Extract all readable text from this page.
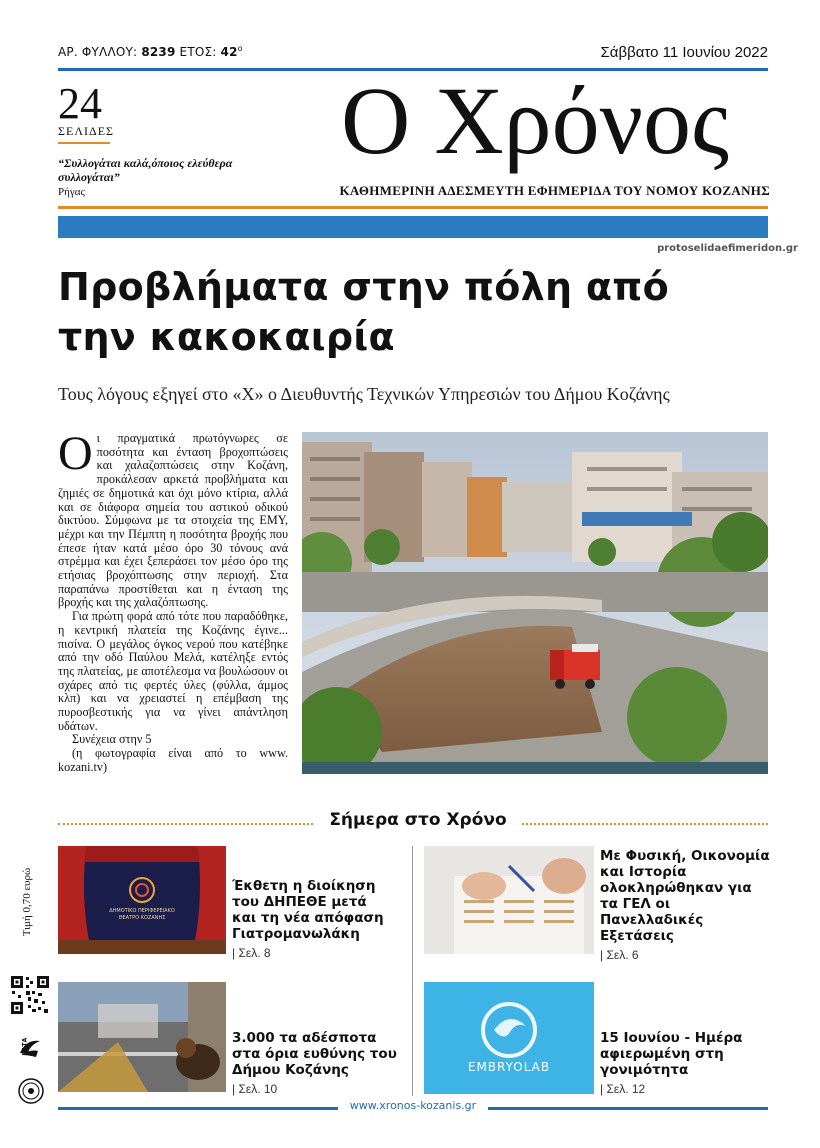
ΑΡ. ΦΥΛΛΟΥ: 8239 ΕΤΟΣ: $42^o$	Σάββατο 11 Ιουνίου 2022
24
ΣΕΛΙΔΕΣ
“Συλλογάται καλά,όποιος ελεύθερα συλλογάται”
Ρήγας
Ο Χρόνος
ΚΑΘΗΜΕΡΙΝΗ ΑΔΕΣΜΕΥΤΗ ΕΦΗΜΕΡΙΔΑ ΤΟΥ ΝΟΜΟΥ ΚΟΖΑΝΗΣ
protoselidaefimeridon.gr
Προβλήματα στην πόλη από
την κακοκαιρία
Τους λόγους εξηγεί στο «Χ» ο Διευθυντής Τεχνικών Υπηρεσιών του Δήμου Κοζάνης

Οι πραγματικά πρωτόγνωρες σε ποσότητα και ένταση βροχοπτώσεις και χαλαζοπτώσεις στην Κοζάνη, προκάλεσαν αρκετά προβλήματα και ζημιές σε δημοτικά και όχι μόνο κτίρια, αλλά και σε διάφορα σημεία του αστικού οδικού δικτύου. Σύμφωνα με τα στοιχεία της ΕΜΥ, μέχρι και την Πέμπτη η ποσότητα βροχής που έπεσε ήταν κατά μέσο όρο 30 τόνους ανά στρέμμα και έχει ξεπεράσει τον μέσο όρο της ετήσιας βροχόπτωσης στην περιοχή. Στα παραπάνω προστίθεται και η ένταση της βροχής και της χαλαζόπτωσης.

Για πρώτη φορά από τότε που παραδόθηκε, η κεντρική πλατεία της Κοζάνης έγινε... πισίνα. Ο μεγάλος όγκος νερού που κατέβηκε από την οδό Παύλου Μελά, κατέληξε εντός της πλατείας, με αποτέλεσμα να βουλώσουν οι σχάρες από τις φερτές ύλες (φύλλα, άμμος κλπ) και να χρειαστεί η επέμβαση της πυροσβεστικής για να γίνει απάντληση υδάτων.

Συνέχεια στην 5

(η φωτογραφία είναι από το www. kozani.tv)

Σήμερα στο Χρόνο
ΔΗΜΟΤΙΚΟ ΠΕΡΙΦΕΡΕΙΑΚΟ
ΘΕΑΤΡΟ ΚΟΖΑΝΗΣ
Έκθετη η διοίκηση του ΔΗΠΕΘΕ μετά και τη νέα απόφαση Γιατρομανωλάκη
| Σελ. 8
Με Φυσική, Οικονομία και Ιστορία ολοκληρώθηκαν για τα ΓΕΛ οι Πανελλαδικές Εξετάσεις
| Σελ. 6
3.000 τα αδέσποτα στα όρια ευθύνης του Δήμου Κοζάνης
| Σελ. 10
EMBRYOLAB
15 Ιουνίου - Ημέρα αφιερωμένη στη γονιμότητα
| Σελ. 12
Τιμή 0,70 ευρώ
ΕΛΤΑ
www.xronos-kozanis.gr
